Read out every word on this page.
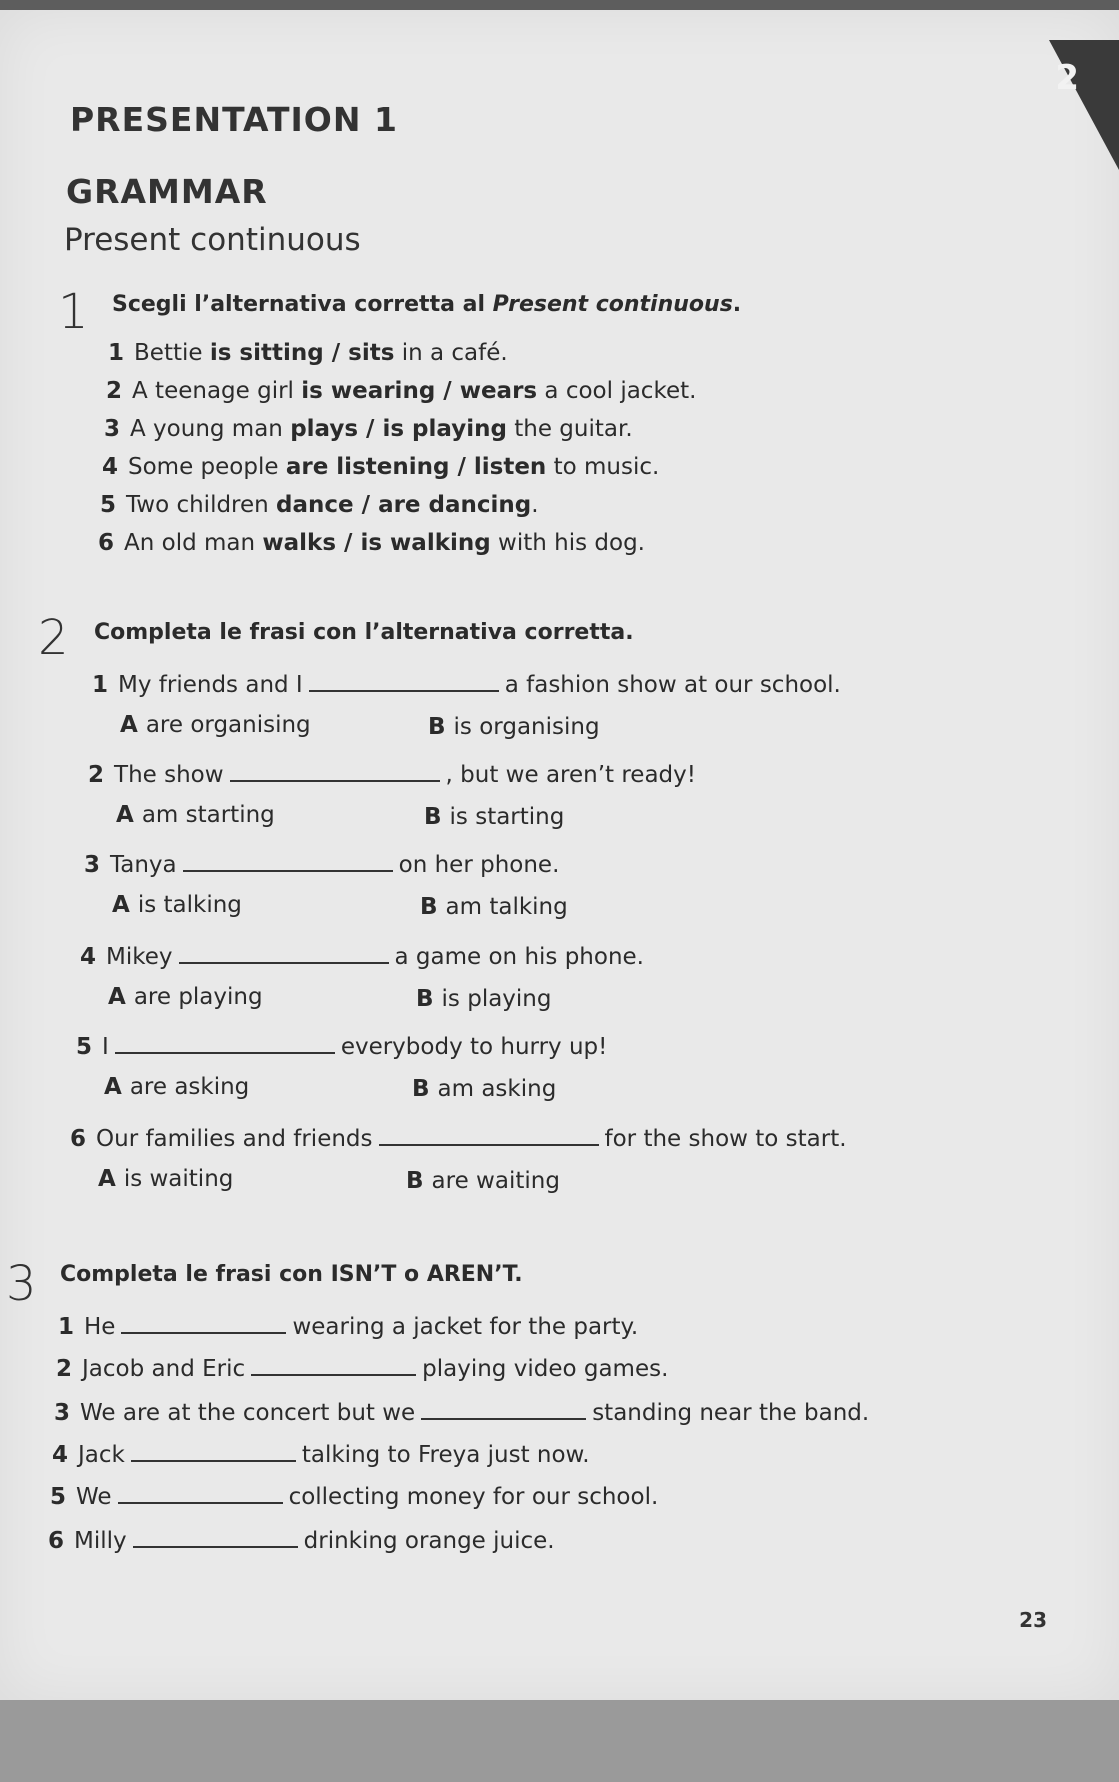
2
PRESENTATION 1
GRAMMAR
Present continuous
1 Scegli l’alternativa corretta al Present continuous.
1 Bettie is sitting / sits in a café.
2 A teenage girl is wearing / wears a cool jacket.
3 A young man plays / is playing the guitar.
4 Some people are listening / listen to music.
5 Two children dance / are dancing.
6 An old man walks / is walking with his dog.
2 Completa le frasi con l’alternativa corretta.
1 My friends and I	a fashion show at our school.
A are organising	B is organising
2 The show	, but we aren’t ready!
A am starting	B is starting
3 Tanya	on her phone.
A is talking	B am talking
4 Mikey	a game on his phone.
A are playing	B is playing
5 I	everybody to hurry up!
A are asking	B am asking
6 Our families and friends	for the show to start.
A is waiting	B are waiting
3 Completa le frasi con ISN’T o AREN’T.
1 He	wearing a jacket for the party.
2 Jacob and Eric	playing video games.
3 We are at the concert but we	standing near the band.
4 Jack	talking to Freya just now.
5 We	collecting money for our school.
6 Milly	drinking orange juice.
23
